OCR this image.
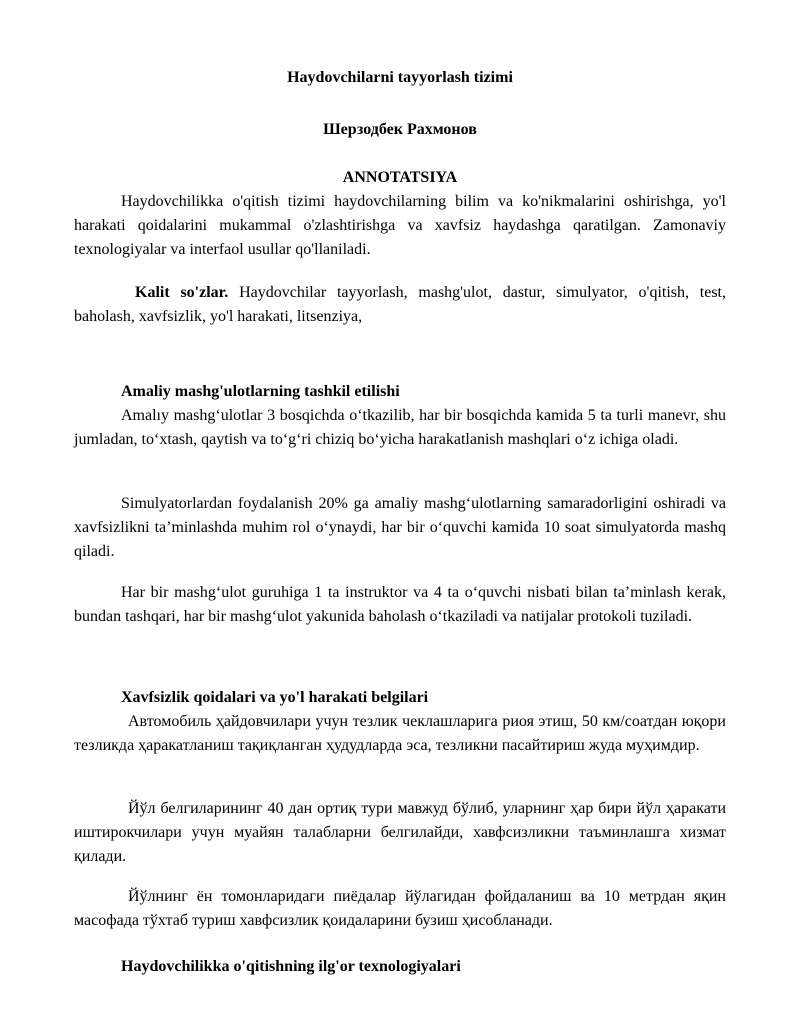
Haydovchilarni tayyorlash tizimi
Шерзодбек Рахмонов
ANNOTATSIYA
Haydovchilikka o'qitish tizimi haydovchilarning bilim va ko'nikmalarini oshirishga, yo'l harakati qoidalarini mukammal o'zlashtirishga va xavfsiz haydashga qaratilgan. Zamonaviy texnologiyalar va interfaol usullar qo'llaniladi.
Kalit so'zlar. Haydovchilar tayyorlash, mashg'ulot, dastur, simulyator, o'qitish, test, baholash, xavfsizlik, yo'l harakati, litsenziya,
Amaliy mashg'ulotlarning tashkil etilishi
Amalıy mashgʻulotlar 3 bosqichda oʻtkazilib, har bir bosqichda kamida 5 ta turli manevr, shu jumladan, toʻxtash, qaytish va toʻgʻri chiziq boʻyicha harakatlanish mashqlari oʻz ichiga oladi.
Simulyatorlardan foydalanish 20% ga amaliy mashgʻulotlarning samaradorligini oshiradi va xavfsizlikni taʼminlashda muhim rol oʻynaydi, har bir oʻquvchi kamida 10 soat simulyatorda mashq qiladi.
Har bir mashgʻulot guruhiga 1 ta instruktor va 4 ta oʻquvchi nisbati bilan taʼminlash kerak, bundan tashqari, har bir mashgʻulot yakunida baholash oʻtkaziladi va natijalar protokoli tuziladi.
Xavfsizlik qoidalari va yo'l harakati belgilari
Автомобиль ҳайдовчилари учун тезлик чеклашларига риоя этиш, 50 км/соатдан юқори тезликда ҳаракатланиш тақиқланган ҳудудларда эса, тезликни пасайтириш жуда муҳимдир.
Йўл белгиларининг 40 дан ортиқ тури мавжуд бўлиб, уларнинг ҳар бири йўл ҳаракати иштирокчилари учун муайян талабларни белгилайди, хавфсизликни таъминлашга хизмат қилади.
Йўлнинг ён томонларидаги пиёдалар йўлагидан фойдаланиш ва 10 метрдан яқин масофада тўхтаб туриш хавфсизлик қоидаларини бузиш ҳисобланади.
Haydovchilikka o'qitishning ilg'or texnologiyalari
